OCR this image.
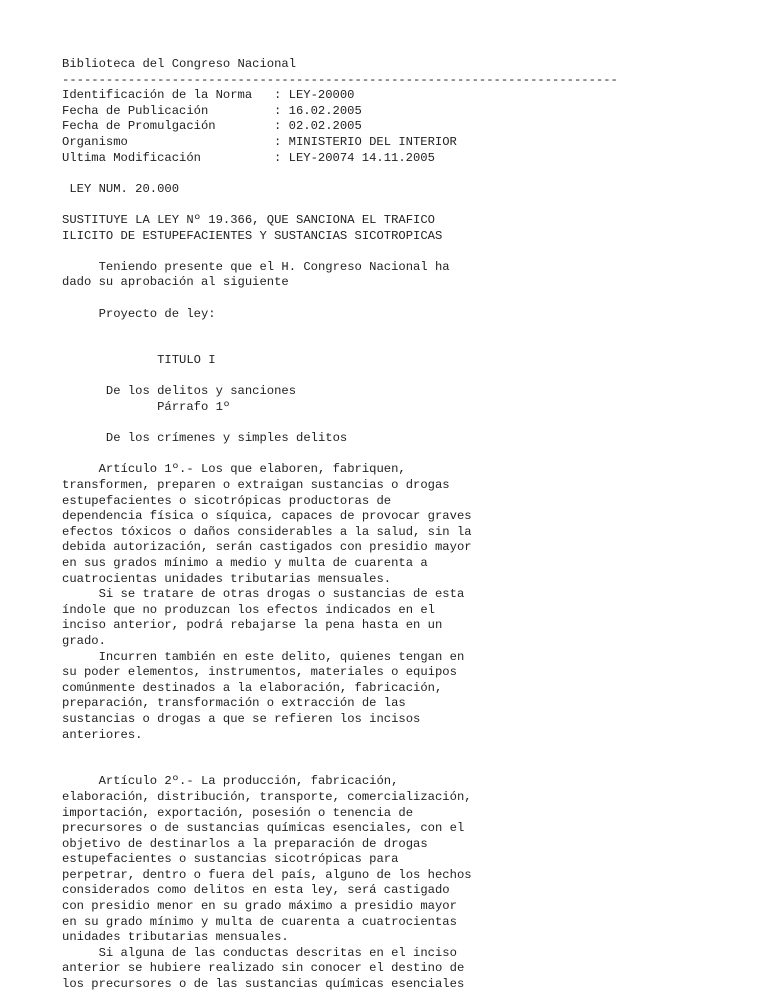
Biblioteca del Congreso Nacional
----------------------------------------------------------------------------
Identificación de la Norma	: LEY-20000
Fecha de Publicación	: 16.02.2005
Fecha de Promulgación	: 02.02.2005
Organismo	: MINISTERIO DEL INTERIOR
Ultima Modificación	: LEY-20074 14.11.2005
LEY NUM. 20.000
SUSTITUYE LA LEY Nº 19.366, QUE SANCIONA EL TRAFICO
ILICITO DE ESTUPEFACIENTES Y SUSTANCIAS SICOTROPICAS
Teniendo presente que el H. Congreso Nacional ha
dado su aprobación al siguiente
Proyecto de ley:
TITULO I
De los delitos y sanciones
Párrafo 1º
De los crímenes y simples delitos
Artículo 1º.- Los que elaboren, fabriquen,
transformen, preparen o extraigan sustancias o drogas
estupefacientes o sicotrópicas productoras de
dependencia física o síquica, capaces de provocar graves
efectos tóxicos o daños considerables a la salud, sin la
debida autorización, serán castigados con presidio mayor
en sus grados mínimo a medio y multa de cuarenta a
cuatrocientas unidades tributarias mensuales.
Si se tratare de otras drogas o sustancias de esta
índole que no produzcan los efectos indicados en el
inciso anterior, podrá rebajarse la pena hasta en un
grado.
Incurren también en este delito, quienes tengan en
su poder elementos, instrumentos, materiales o equipos
comúnmente destinados a la elaboración, fabricación,
preparación, transformación o extracción de las
sustancias o drogas a que se refieren los incisos
anteriores.
Artículo 2º.- La producción, fabricación,
elaboración, distribución, transporte, comercialización,
importación, exportación, posesión o tenencia de
precursores o de sustancias químicas esenciales, con el
objetivo de destinarlos a la preparación de drogas
estupefacientes o sustancias sicotrópicas para
perpetrar, dentro o fuera del país, alguno de los hechos
considerados como delitos en esta ley, será castigado
con presidio menor en su grado máximo a presidio mayor
en su grado mínimo y multa de cuarenta a cuatrocientas
unidades tributarias mensuales.
Si alguna de las conductas descritas en el inciso
anterior se hubiere realizado sin conocer el destino de
los precursores o de las sustancias químicas esenciales
